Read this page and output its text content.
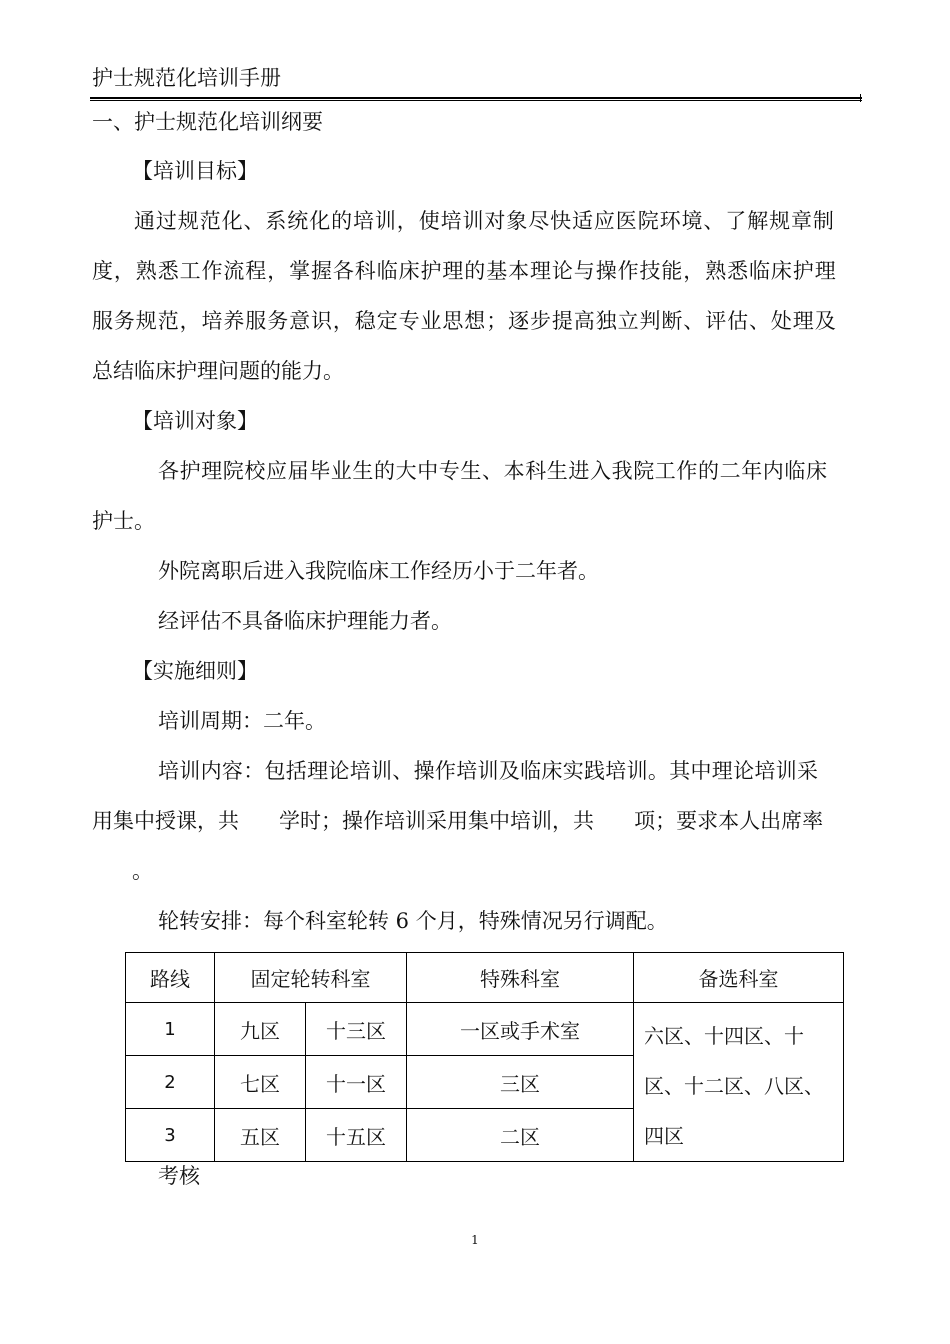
护士规范化培训手册
一、护士规范化培训纲要
【培训目标】
通过规范化、系统化的培训，使培训对象尽快适应医院环境、了解规章制
度，熟悉工作流程，掌握各科临床护理的基本理论与操作技能，熟悉临床护理
服务规范，培养服务意识，稳定专业思想；逐步提高独立判断、评估、处理及
总结临床护理问题的能力。
【培训对象】
各护理院校应届毕业生的大中专生、本科生进入我院工作的二年内临床
护士。
外院离职后进入我院临床工作经历小于二年者。
经评估不具备临床护理能力者。
【实施细则】
培训周期：二年。
培训内容：包括理论培训、操作培训及临床实践培训。其中理论培训采
用集中授课，共      学时；操作培训采用集中培训，共      项；要求本人出席率
。
轮转安排：每个科室轮转 6 个月，特殊情况另行调配。
路线	固定轮转科室		特殊科室	备选科室
1	九区	十三区	一区或手术室	六区、十四区、十区、十二区、八区、四区
2	七区	十一区	三区	
3	五区	十五区	二区	
考核
1
